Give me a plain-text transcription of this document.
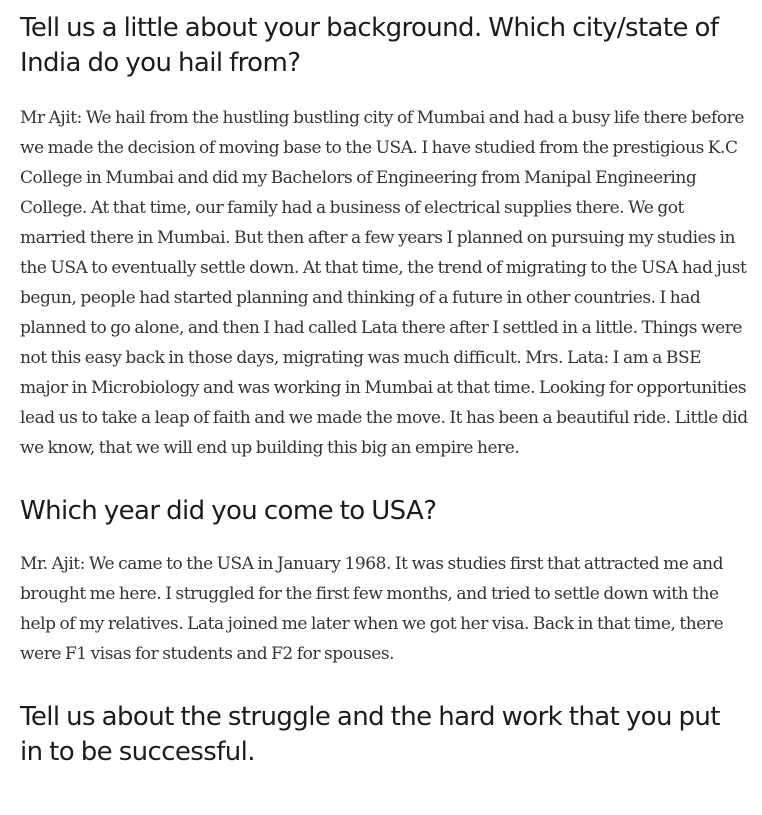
Tell us a little about your background. Which city/state of India do you hail from?

Mr Ajit: We hail from the hustling bustling city of Mumbai and had a busy life there before we made the decision of moving base to the USA. I have studied from the prestigious K.C College in Mumbai and did my Bachelors of Engineering from Manipal Engineering College. At that time, our family had a business of electrical supplies there. We got married there in Mumbai. But then after a few years I planned on pursuing my studies in the USA to eventually settle down. At that time, the trend of migrating to the USA had just begun, people had started planning and thinking of a future in other countries. I had planned to go alone, and then I had called Lata there after I settled in a little. Things were not this easy back in those days, migrating was much difficult. Mrs. Lata: I am a BSE major in Microbiology and was working in Mumbai at that time. Looking for opportunities lead us to take a leap of faith and we made the move. It has been a beautiful ride. Little did we know, that we will end up building this big an empire here.

Which year did you come to USA?

Mr. Ajit: We came to the USA in January 1968. It was studies first that attracted me and brought me here. I struggled for the first few months, and tried to settle down with the help of my relatives. Lata joined me later when we got her visa. Back in that time, there were F1 visas for students and F2 for spouses.

Tell us about the struggle and the hard work that you put in to be successful.
